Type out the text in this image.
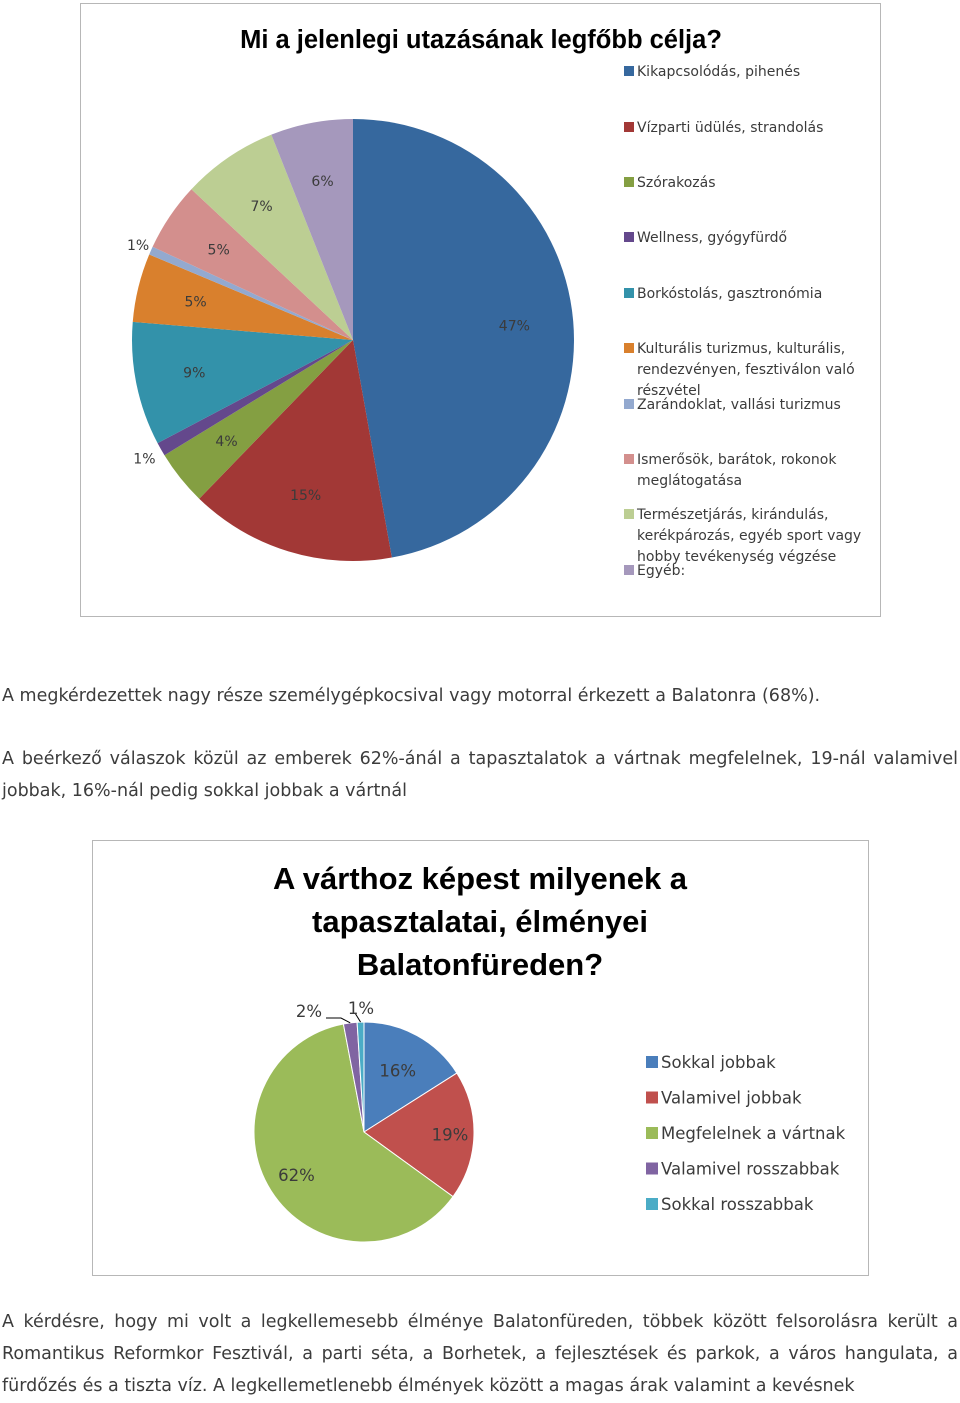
Mi a jelenlegi utazásának legfőbb célja?
47%
15%
4%
1%
9%
5%
1%	5%
7%
6%
Kikapcsolódás, pihenés
Vízparti üdülés, strandolás
Szórakozás
Wellness, gyógyfürdő
Borkóstolás, gasztronómia
Kulturális turizmus, kulturális,
rendezvényen, fesztiválon való
részvétel
Zarándoklat, vallási turizmus
Ismerősök, barátok, rokonok
meglátogatása
Természetjárás, kirándulás,
kerékpározás, egyéb sport vagy
hobby tevékenység végzése
Egyéb:

A megkérdezettek nagy része személygépkocsival vagy motorral érkezett a Balatonra (68%).

A beérkező válaszok közül az emberek 62%-ánál a tapasztalatok a vártnak megfelelnek, 19-nál valamivel jobbak, 16%-nál pedig sokkal jobbak a vártnál

A várthoz képest milyenek a
tapasztalatai, élményei
Balatonfüreden?
16%
19%
62%
2% 1%
Sokkal jobbak
Valamivel jobbak
Megfelelnek a vártnak
Valamivel rosszabbak
Sokkal rosszabbak

A kérdésre, hogy mi volt a legkellemesebb élménye Balatonfüreden, többek között felsorolásra került a Romantikus Reformkor Fesztivál, a parti séta, a Borhetek, a fejlesztések és parkok, a város hangulata, a fürdőzés és a tiszta víz. A legkellemetlenebb élmények között a magas árak valamint a kevésnek
